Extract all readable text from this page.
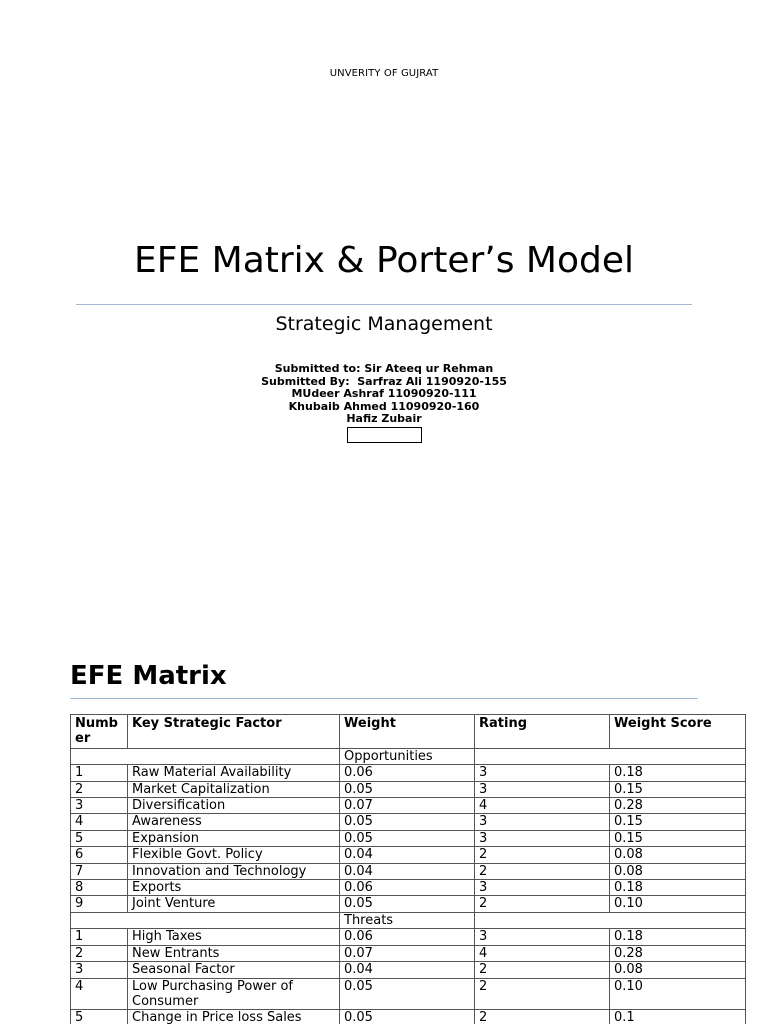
UNVERITY OF GUJRAT
EFE Matrix & Porter’s Model
Strategic Management
Submitted to: Sir Ateeq ur Rehman
Submitted By:  Sarfraz Ali 1190920-155
MUdeer Ashraf 11090920-111
Khubaib Ahmed 11090920-160
Hafiz Zubair
EFE Matrix
Numb
er	Key Strategic Factor	Weight	Rating	Weight Score
		Opportunities		
1	Raw Material Availability	0.06	3	0.18
2	Market Capitalization	0.05	3	0.15
3	Diversification	0.07	4	0.28
4	Awareness	0.05	3	0.15
5	Expansion	0.05	3	0.15
6	Flexible Govt. Policy	0.04	2	0.08
7	Innovation and Technology	0.04	2	0.08
8	Exports	0.06	3	0.18
9	Joint Venture	0.05	2	0.10
		Threats		
1	High Taxes	0.06	3	0.18
2	New Entrants	0.07	4	0.28
3	Seasonal Factor	0.04	2	0.08
4	Low Purchasing Power of Consumer	0.05	2	0.10
5	Change in Price loss Sales	0.05	2	0.1
